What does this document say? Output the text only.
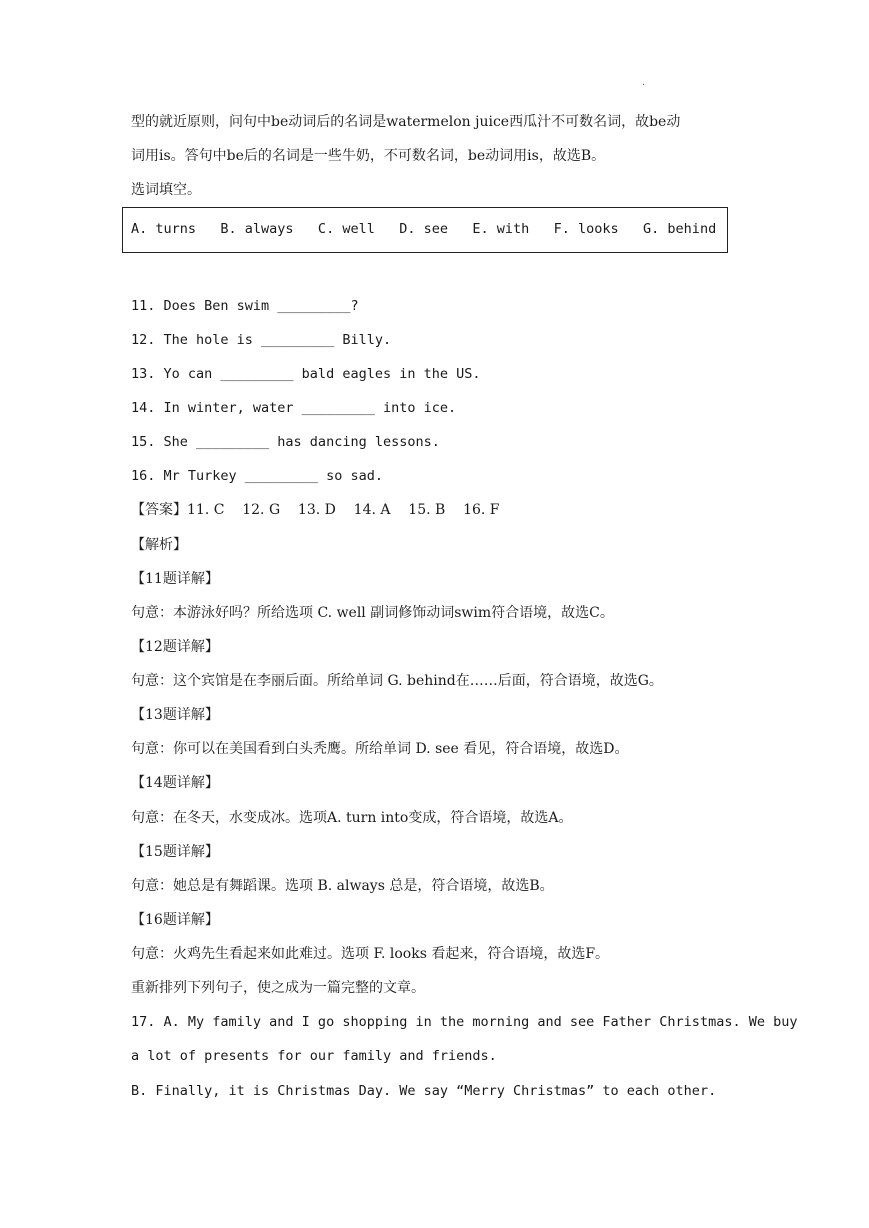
·
型的就近原则，问句中be动词后的名词是watermelon juice西瓜汁不可数名词，故be动
词用is。答句中be后的名词是一些牛奶，不可数名词，be动词用is，故选B。
选词填空。
A. turns   B. always   C. well   D. see   E. with   F. looks   G. behind
11. Does Ben swim _________?
12. The hole is _________ Billy.
13. Yo can _________ bald eagles in the US.
14. In winter, water _________ into ice.
15. She _________ has dancing lessons.
16. Mr Turkey _________ so sad.
【答案】11. C    12. G    13. D    14. A    15. B    16. F
【解析】
【11题详解】
句意：本游泳好吗？所给选项 C. well 副词修饰动词swim符合语境，故选C。
【12题详解】
句意：这个宾馆是在李丽后面。所给单词 G. behind在……后面，符合语境，故选G。
【13题详解】
句意：你可以在美国看到白头秃鹰。所给单词 D. see 看见，符合语境，故选D。
【14题详解】
句意：在冬天，水变成冰。选项A. turn into变成，符合语境，故选A。
【15题详解】
句意：她总是有舞蹈课。选项 B. always 总是，符合语境，故选B。
【16题详解】
句意：火鸡先生看起来如此难过。选项 F. looks 看起来，符合语境，故选F。
重新排列下列句子，使之成为一篇完整的文章。
17. A. My family and I go shopping in the morning and see Father Christmas. We buy
a lot of presents for our family and friends.
B. Finally, it is Christmas Day. We say “Merry Christmas” to each other.
